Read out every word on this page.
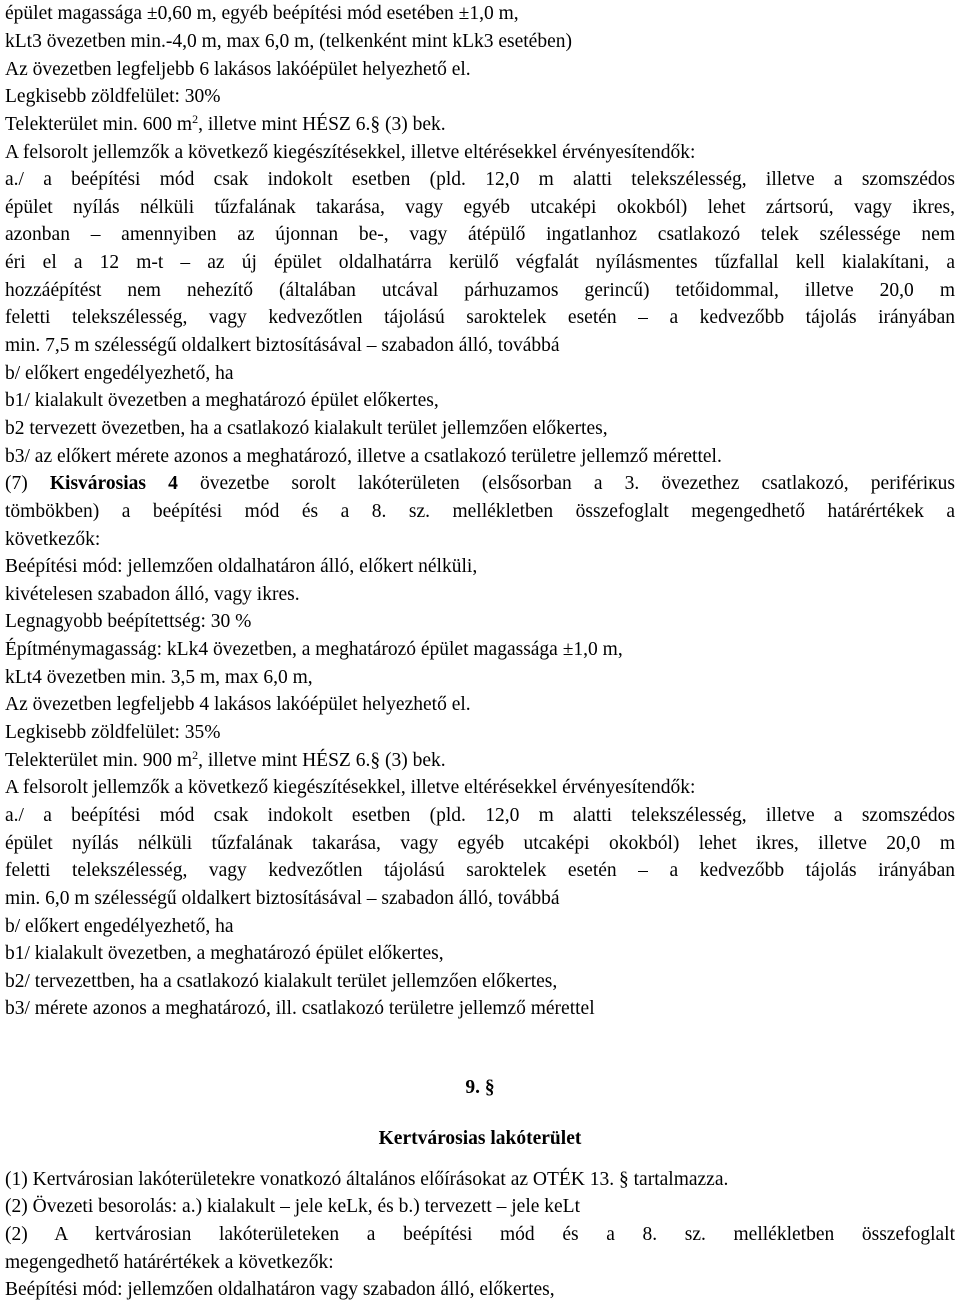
épület magasságа ±0,60 m, egyéb beépítési mód esetében ±1,0 m,
kLt3 övezetben min.-4,0 m, max 6,0 m, (telkenként mint kLk3 esetében)
Az övezetben legfeljebb 6 lakásos lakóépület helyezhető el.
Legkisebb zöldfelület: 30%
Telekterület min. 600 $m^2$, illetve mint HÉSZ 6.§ (3) bek.
A felsorolt jellemzők a következő kiegészítésekkel, illetve eltérésekkel érvényesítendők:
a./ a beépítési mód csak indokolt esetben (pld. 12,0 m alatti telekszélesség, illetve a szomszédos
épület nyílás nélküli tűzfalának takarása, vagy egyéb utcaképi okokból) lehet zártsorú, vagy ikres,
azonban – amennyiben az újonnan be-, vagy átépülő ingatlanhoz csatlakozó telek szélessége nem
éri el a 12 m-t – az új épület oldalhatárra kerülő végfalát nyílásmentes tűzfallal kell kialakítani, a
hozzáépítést nem nehezítő (általában utcával párhuzamos gerincű) tetőidommal, illetve 20,0 m
feletti telekszélesség, vagy kedvezőtlen tájolású saroktelek esetén – a kedvezőbb tájolás irányában
min. 7,5 m szélességű oldalkert biztosításával – szabadon álló, továbbá
b/ előkert engedélyezhető, ha
b1/ kialakult övezetben a meghatározó épület előkertes,
b2 tervezett övezetben, ha a csatlakozó kialakult terület jellemzően előkertes,
b3/ az előkert mérete azonos a meghatározó, illetve a csatlakozó területre jellemző mérettel.
(7) Kisvárosias 4 övezetbe sorolt lakóterületen (elsősorban a 3. övezethez csatlakozó, perifériкus
tömbökben) a beépítési mód és a 8. sz. mellékletben összefoglalt megengedhető határértékek a
következők:
Beépítési mód: jellemzően oldalhatáron álló, előkert nélküli,
kivételesen szabadon álló, vagy ikres.
Legnagyobb beépítettség: 30 %
Építménymagasság: kLk4 övezetben, a meghatározó épület magassága ±1,0 m,
kLt4 övezetben min. 3,5 m, max 6,0 m,
Az övezetben legfeljebb 4 lakásos lakóépület helyezhető el.
Legkisebb zöldfelület: 35%
Telekterület min. 900 $m^2$, illetve mint HÉSZ 6.§ (3) bek.
A felsorolt jellemzők a következő kiegészítésekkel, illetve eltérésekkel érvényesítendők:
a./ a beépítési mód csak indokolt esetben (pld. 12,0 m alatti telekszélesség, illetve a szomszédos
épület nyílás nélküli tűzfalának takarása, vagy egyéb utcaképi okokból) lehet ikres, illetve 20,0 m
feletti telekszélesség, vagy kedvezőtlen tájolású saroktelek esetén – a kedvezőbb tájolás irányában
min. 6,0 m szélességű oldalkert biztosításával – szabadon álló, továbbá
b/ előkert engedélyezhető, ha
b1/ kialakult övezetben, a meghatározó épület előkertes,
b2/ tervezettben, ha a csatlakozó kialakult terület jellemzően előkertes,
b3/ mérete azonos a meghatározó, ill. csatlakozó területre jellemző mérettel
9. §
Kertvárosias lakóterület
(1) Kertvárosian lakóterületekre vonatkozó általános előírásokat az OTÉK 13. § tartalmazza.
(2) Övezeti besorolás: a.) kialakult – jele keLk, és b.) tervezett – jele keLt
(2) A kertvárosian lakóterületeken a beépítési mód és a 8. sz. mellékletben összefoglalt
megengedhető határértékek a következők:
Beépítési mód: jellemzően oldalhatáron vagy szabadon álló, előkertes,
